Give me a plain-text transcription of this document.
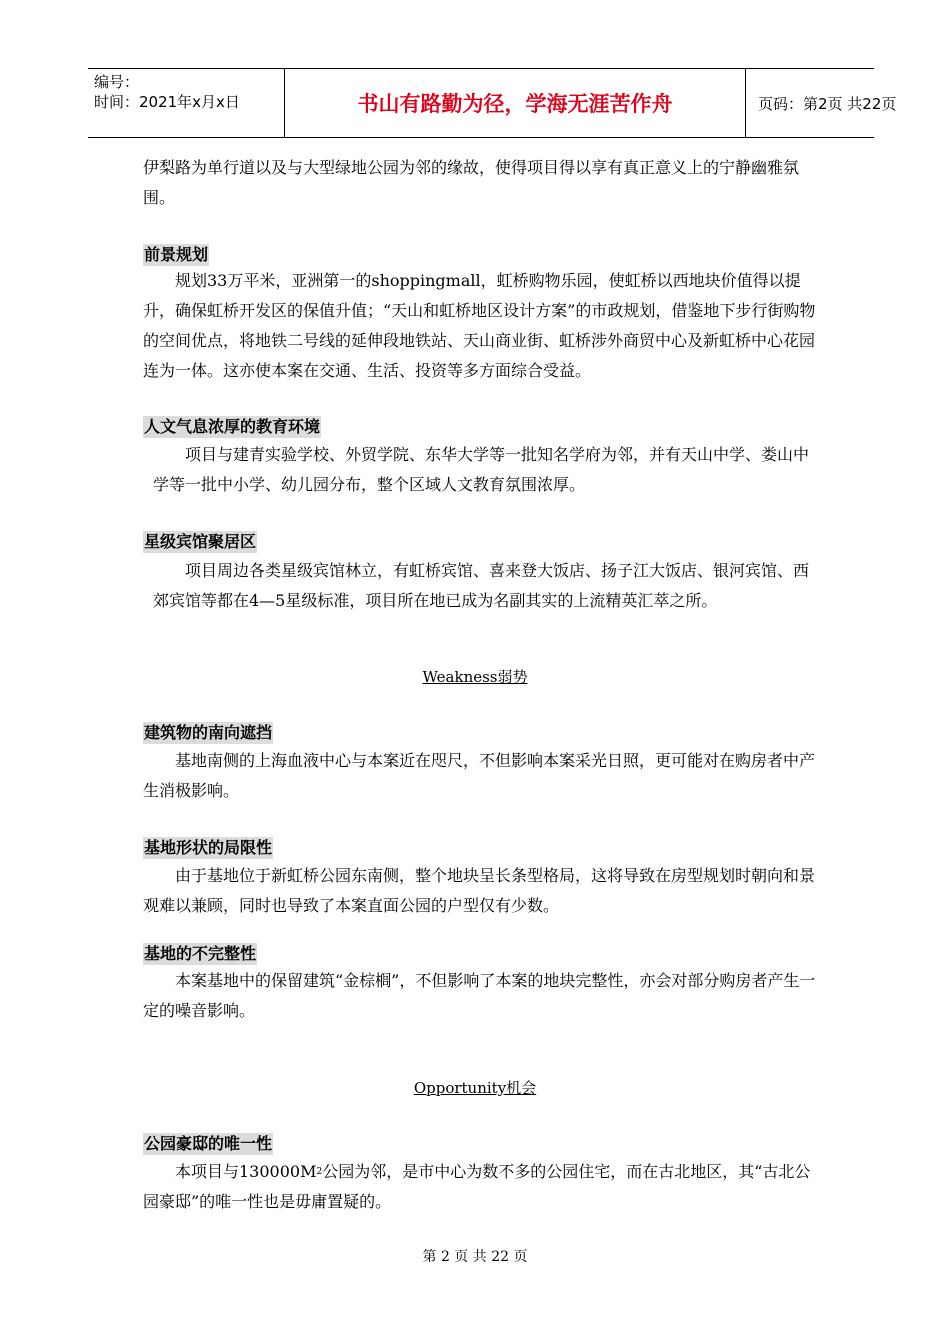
编号：
时间：2021年x月x日	书山有路勤为径，学海无涯苦作舟	页码：第2页 共22页

伊梨路为单行道以及与大型绿地公园为邻的缘故，使得项目得以享有真正意义上的宁静幽雅氛围。

前景规划

规划33万平米，亚洲第一的shoppingmall，虹桥购物乐园，使虹桥以西地块价值得以提升，确保虹桥开发区的保值升值；“天山和虹桥地区设计方案”的市政规划，借鉴地下步行街购物的空间优点，将地铁二号线的延伸段地铁站、天山商业街、虹桥涉外商贸中心及新虹桥中心花园连为一体。这亦使本案在交通、生活、投资等多方面综合受益。

人文气息浓厚的教育环境

项目与建青实验学校、外贸学院、东华大学等一批知名学府为邻，并有天山中学、娄山中学等一批中小学、幼儿园分布，整个区域人文教育氛围浓厚。

星级宾馆聚居区

项目周边各类星级宾馆林立，有虹桥宾馆、喜来登大饭店、扬子江大饭店、银河宾馆、西郊宾馆等都在4—5星级标准，项目所在地已成为名副其实的上流精英汇萃之所。

Weakness弱势
建筑物的南向遮挡

基地南侧的上海血液中心与本案近在咫尺，不但影响本案采光日照，更可能对在购房者中产生消极影响。

基地形状的局限性

由于基地位于新虹桥公园东南侧，整个地块呈长条型格局，这将导致在房型规划时朝向和景观难以兼顾，同时也导致了本案直面公园的户型仅有少数。

基地的不完整性

本案基地中的保留建筑“金棕榈”，不但影响了本案的地块完整性，亦会对部分购房者产生一定的噪音影响。

Opportunity机会
公园豪邸的唯一性

本项目与$130000M^2$公园为邻，是市中心为数不多的公园住宅，而在古北地区，其“古北公园豪邸”的唯一性也是毋庸置疑的。

第 2 页 共 22 页
